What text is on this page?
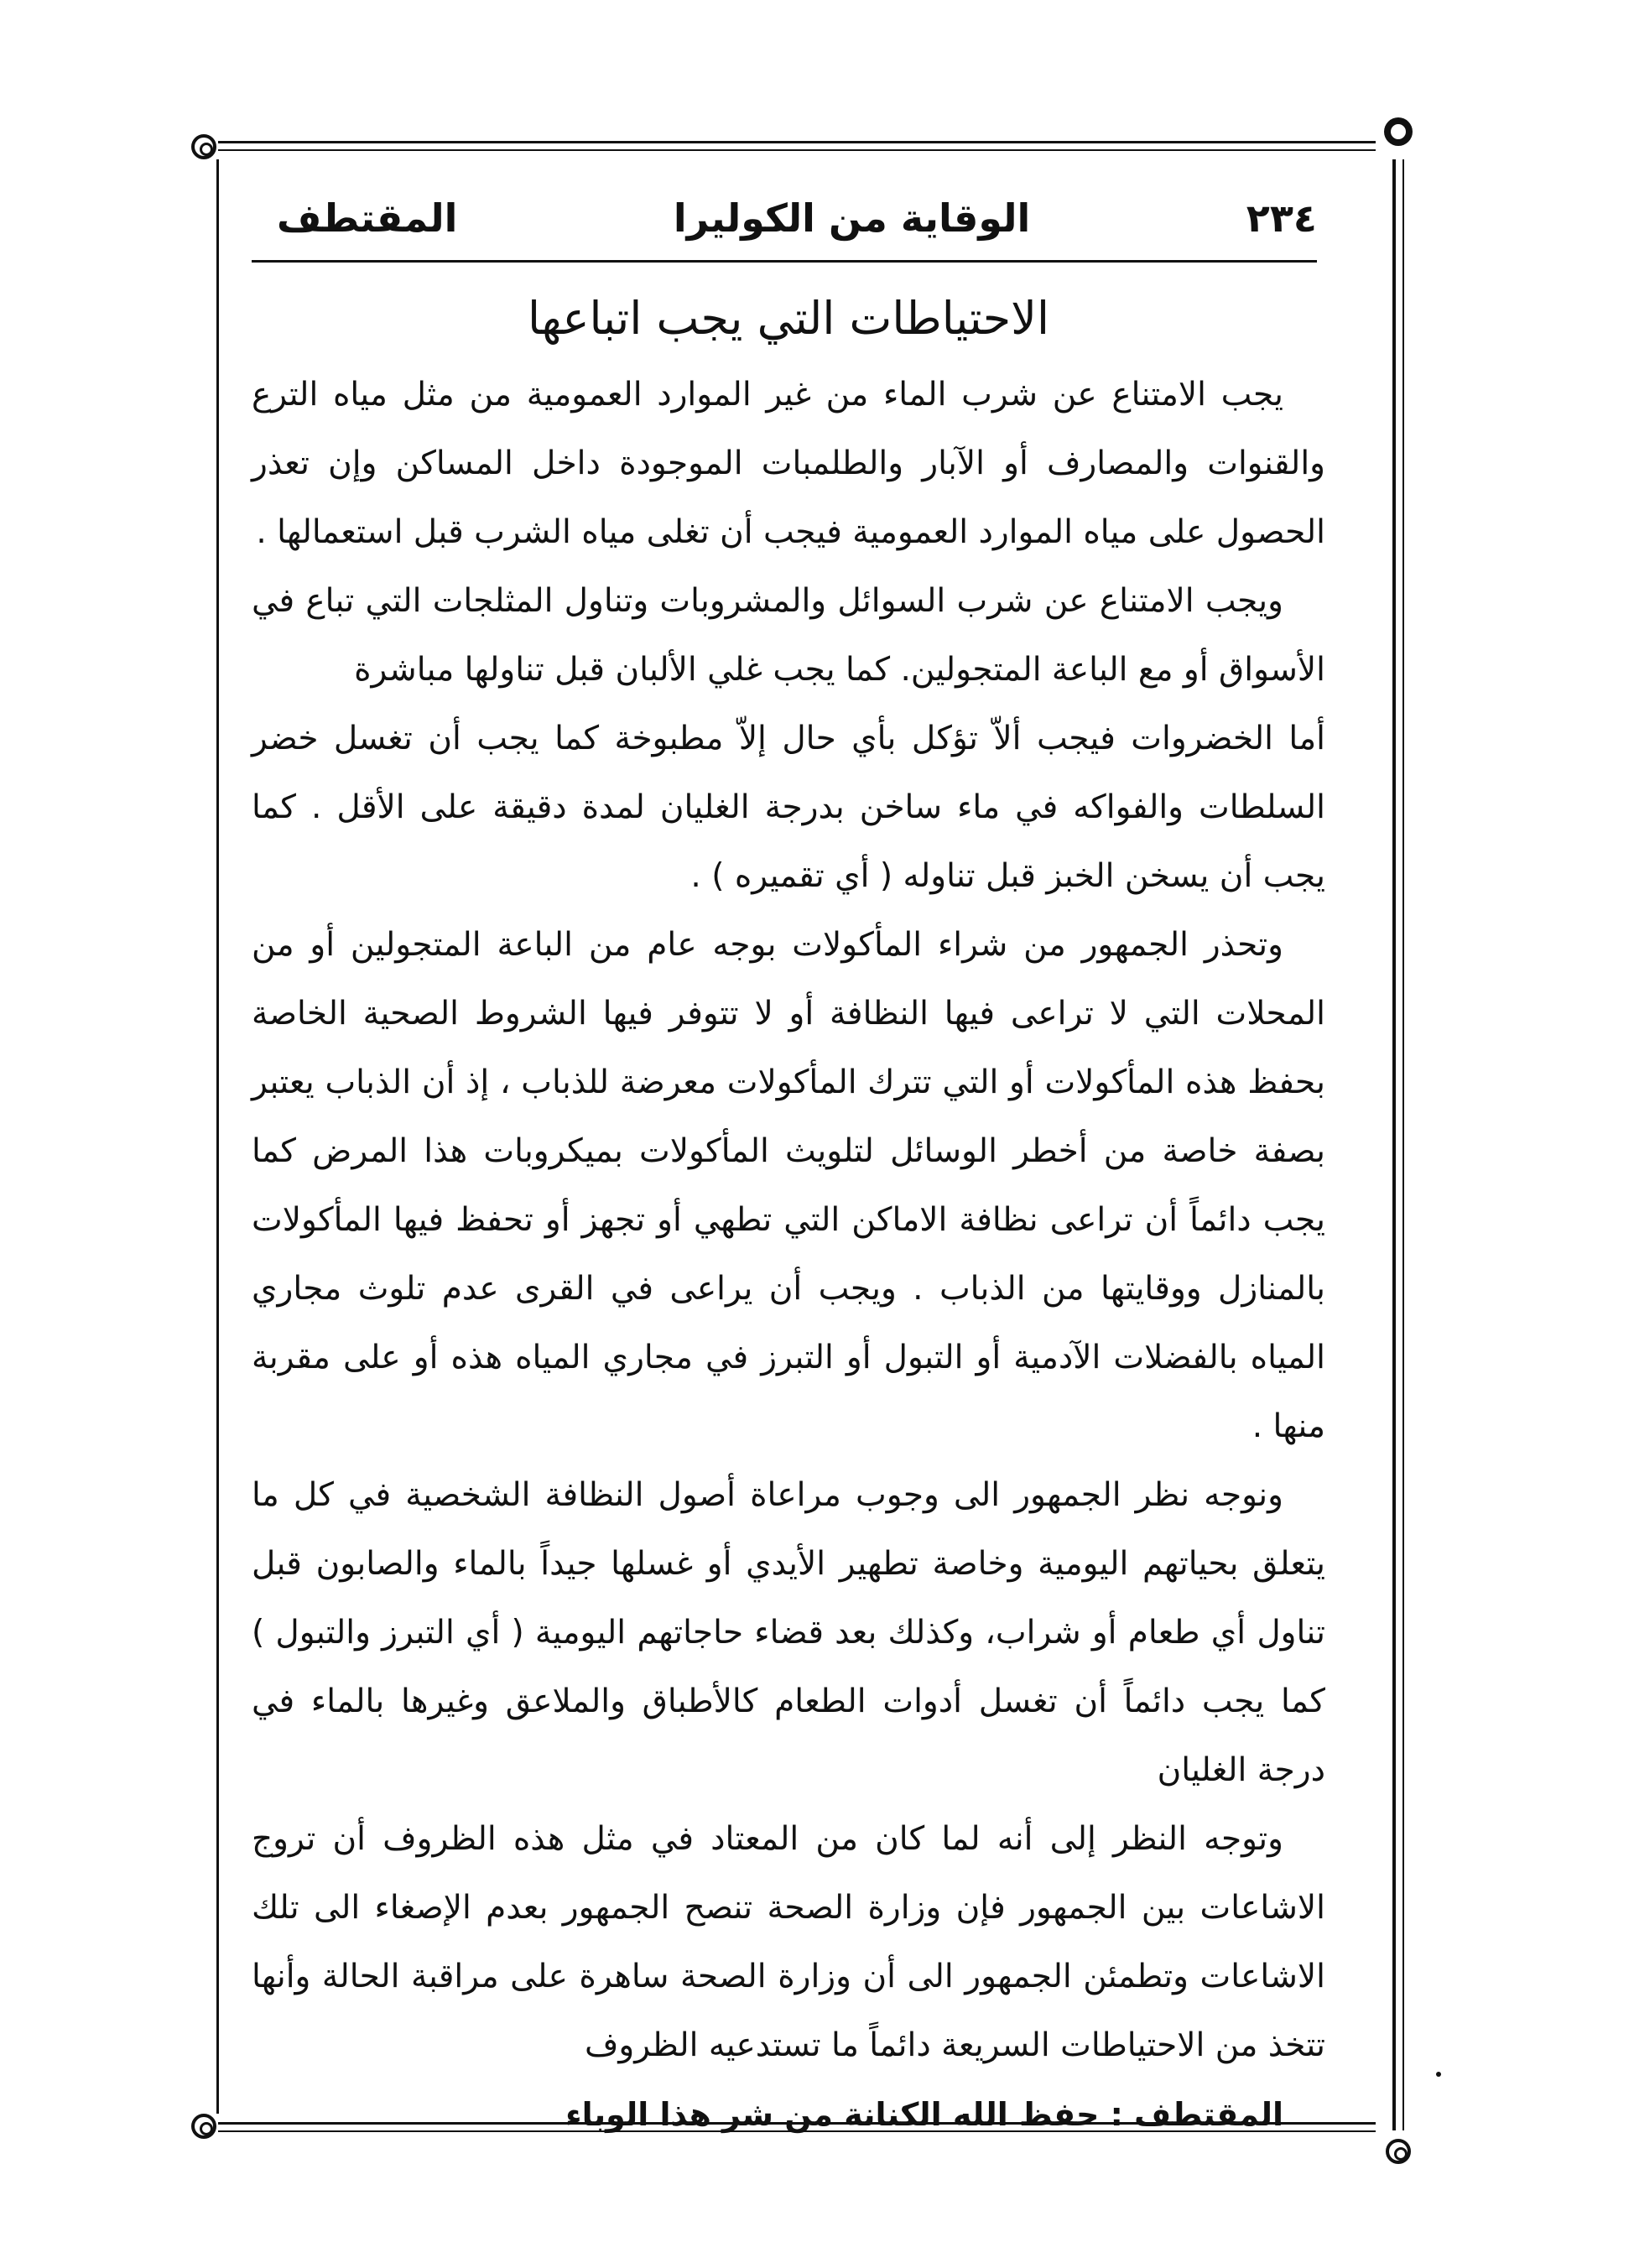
٢٣٤
الوقاية من الكوليرا
المقتطف
الاحتياطات التي يجب اتباعها

يجب الامتناع عن شرب الماء من غير الموارد العمومية من مثل مياه الترع والقنوات والمصارف أو الآبار والطلمبات الموجودة داخل المساكن وإن تعذر الحصول على مياه الموارد العمومية فيجب أن تغلى مياه الشرب قبل استعمالها .

ويجب الامتناع عن شرب السوائل والمشروبات وتناول المثلجات التي تباع في الأسواق أو مع الباعة المتجولين. كما يجب غلي الألبان قبل تناولها مباشرة

أما الخضروات فيجب ألاّ تؤكل بأي حال إلاّ مطبوخة كما يجب أن تغسل خضر السلطات والفواكه في ماء ساخن بدرجة الغليان لمدة دقيقة على الأقل . كما يجب أن يسخن الخبز قبل تناوله ( أي تقميره ) .

وتحذر الجمهور من شراء المأكولات بوجه عام من الباعة المتجولين أو من المحلات التي لا تراعى فيها النظافة أو لا تتوفر فيها الشروط الصحية الخاصة بحفظ هذه المأكولات أو التي تترك المأكولات معرضة للذباب ، إذ أن الذباب يعتبر بصفة خاصة من أخطر الوسائل لتلويث المأكولات بميكروبات هذا المرض كما يجب دائماً أن تراعى نظافة الاماكن التي تطهي أو تجهز أو تحفظ فيها المأكولات بالمنازل ووقايتها من الذباب . ويجب أن يراعى في القرى عدم تلوث مجاري المياه بالفضلات الآدمية أو التبول أو التبرز في مجاري المياه هذه أو على مقربة منها .

ونوجه نظر الجمهور الى وجوب مراعاة أصول النظافة الشخصية في كل ما يتعلق بحياتهم اليومية وخاصة تطهير الأيدي أو غسلها جيداً بالماء والصابون قبل تناول أي طعام أو شراب، وكذلك بعد قضاء حاجاتهم اليومية ( أي التبرز والتبول ) كما يجب دائماً أن تغسل أدوات الطعام كالأطباق والملاعق وغيرها بالماء في درجة الغليان

وتوجه النظر إلى أنه لما كان من المعتاد في مثل هذه الظروف أن تروج الاشاعات بين الجمهور فإن وزارة الصحة تنصح الجمهور بعدم الإصغاء الى تلك الاشاعات وتطمئن الجمهور الى أن وزارة الصحة ساهرة على مراقبة الحالة وأنها تتخذ من الاحتياطات السريعة دائماً ما تستدعيه الظروف

المقتطف : حفظ الله الكنانة من شر هذا الوباء
